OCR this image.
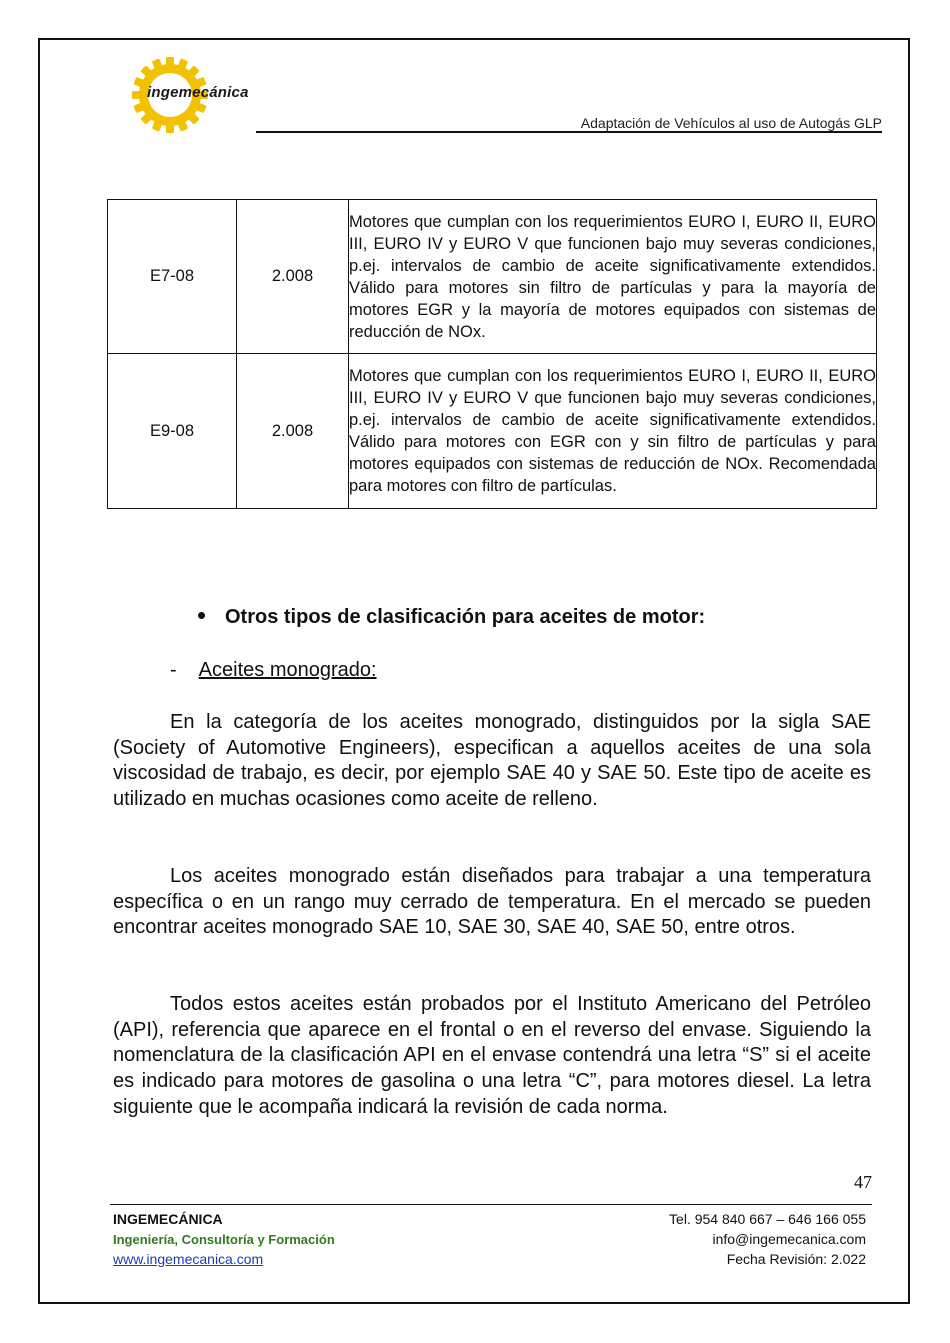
ingemecánica
Adaptación de Vehículos al uso de Autogás GLP
E7-08	2.008	Motores que cumplan con los requerimientos EURO I, EURO II, EURO III, EURO IV y EURO V que funcionen bajo muy severas condiciones, p.ej. intervalos de cambio de aceite significativamente extendidos. Válido para motores sin filtro de partículas y para la mayoría de motores EGR y la mayoría de motores equipados con sistemas de reducción de NOx.
E9-08	2.008	Motores que cumplan con los requerimientos EURO I, EURO II, EURO III, EURO IV y EURO V que funcionen bajo muy severas condiciones, p.ej. intervalos de cambio de aceite significativamente extendidos. Válido para motores con EGR con y sin filtro de partículas y para motores equipados con sistemas de reducción de NOx. Recomendada para motores con filtro de partículas.
Otros tipos de clasificación para aceites de motor:
- Aceites monogrado:

En la categoría de los aceites monogrado, distinguidos por la sigla SAE (Society of Automotive Engineers), especifican a aquellos aceites de una sola viscosidad de trabajo, es decir, por ejemplo SAE 40 y SAE 50. Este tipo de aceite es utilizado en muchas ocasiones como aceite de relleno.

Los aceites monogrado están diseñados para trabajar a una temperatura específica o en un rango muy cerrado de temperatura. En el mercado se pueden encontrar aceites monogrado SAE 10, SAE 30, SAE 40, SAE 50, entre otros.

Todos estos aceites están probados por el Instituto Americano del Petróleo (API), referencia que aparece en el frontal o en el reverso del envase. Siguiendo la nomenclatura de la clasificación API en el envase contendrá una letra “S” si el aceite es indicado para motores de gasolina o una letra “C”, para motores diesel. La letra siguiente que le acompaña indicará la revisión de cada norma.

47
INGEMECÁNICA
Ingeniería, Consultoría y Formación
www.ingemecanica.com
Tel. 954 840 667 – 646 166 055
info@ingemecanica.com
Fecha Revisión: 2.022
